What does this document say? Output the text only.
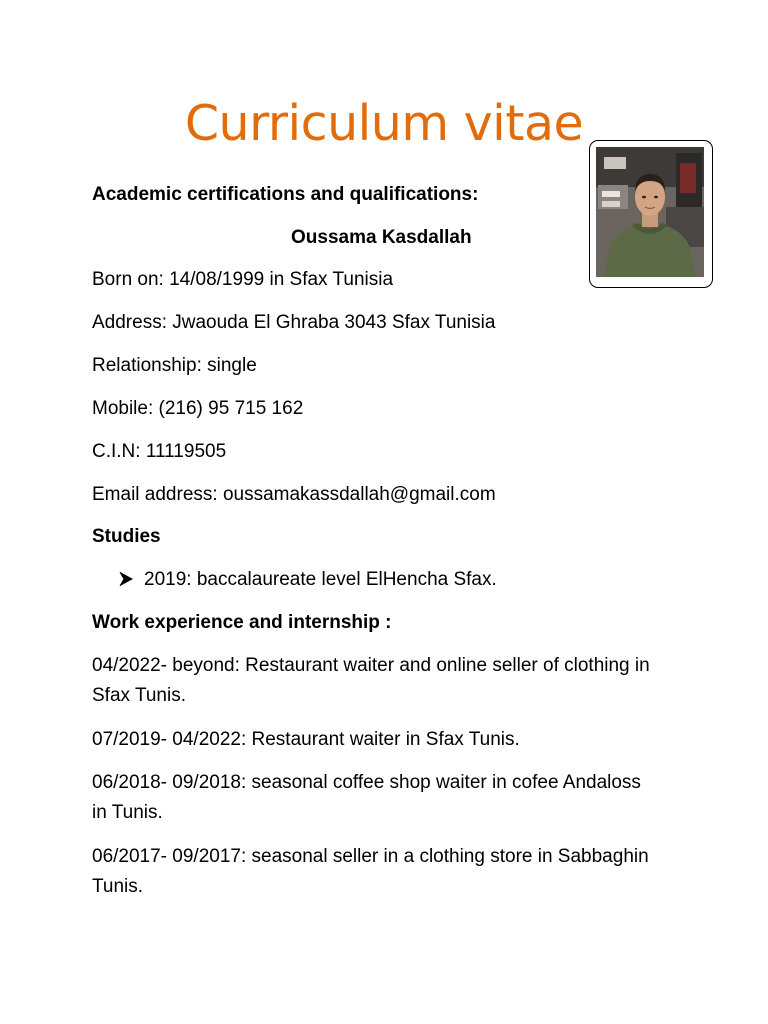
Curriculum vitae
Academic certifications and qualifications:
Oussama Kasdallah
Born on: 14/08/1999 in Sfax Tunisia
Address: Jwaouda El Ghraba 3043 Sfax Tunisia
Relationship: single
Mobile: (216) 95 715 162
C.I.N: 11119505
Email address: oussamakassdallah@gmail.com
Studies
2019: baccalaureate level ElHencha Sfax.
Work experience and internship :
04/2022- beyond: Restaurant waiter and online seller of clothing in Sfax Tunis.
07/2019- 04/2022: Restaurant waiter in Sfax Tunis.
06/2018- 09/2018: seasonal coffee shop waiter in cofee Andaloss in Tunis.
06/2017- 09/2017: seasonal seller in a clothing store in Sabbaghin Tunis.
